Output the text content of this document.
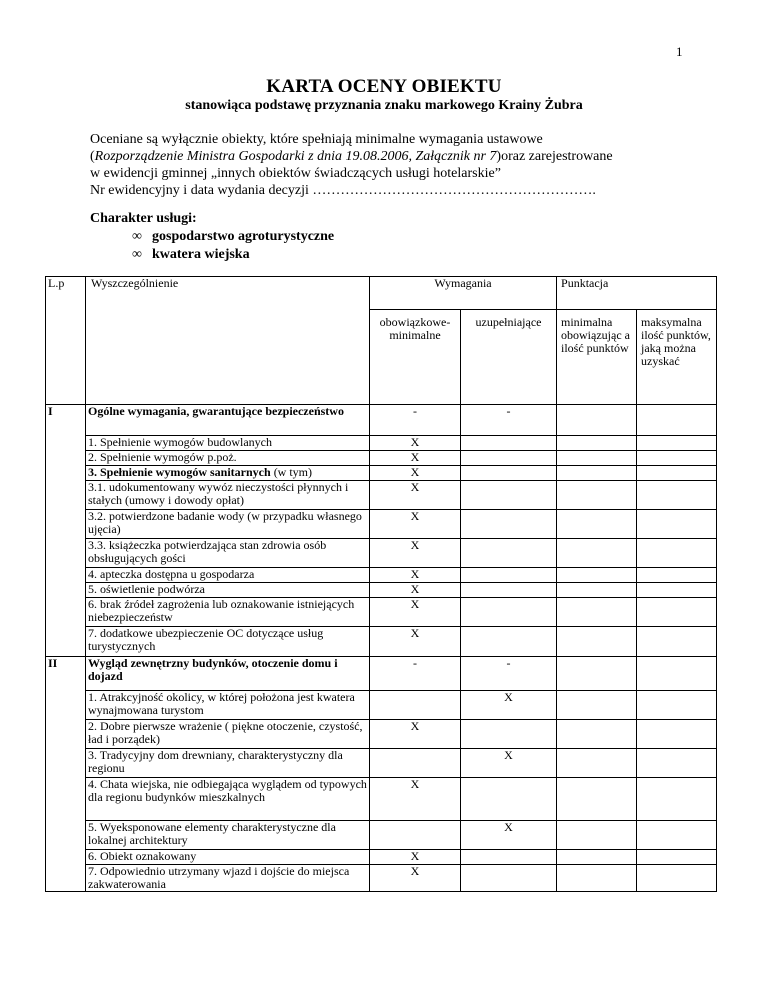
1
KARTA OCENY OBIEKTU
stanowiąca podstawę przyznania znaku markowego Krainy Żubra
Oceniane są wyłącznie obiekty, które spełniają minimalne wymagania ustawowe
(Rozporządzenie Ministra Gospodarki z dnia 19.08.2006, Załącznik nr 7)oraz zarejestrowane
w ewidencji gminnej „innych obiektów świadczących usługi hotelarskie”
Nr ewidencyjny i data wydania decyzji …………………………………………………….
Charakter usługi:
∞ gospodarstwo agroturystyczne
∞ kwatera wiejska
L.p	Wyszczególnienie	Wymagania		Punktacja	
		obowiązkowe-minimalne	uzupełniające	minimalna obowiązując a ilość punktów	maksymalna ilość punktów, jaką można uzyskać
I	Ogólne wymagania, gwarantujące bezpieczeństwo	-	-		
	1. Spełnienie wymogów budowlanych	X			
	2. Spełnienie wymogów p.poż.	X			
	3. Spełnienie wymogów sanitarnych (w tym)	X			
	3.1. udokumentowany wywóz nieczystości płynnych i stałych (umowy i dowody opłat)	X			
	3.2. potwierdzone badanie wody (w przypadku własnego ujęcia)	X			
	3.3. książeczka potwierdzająca stan zdrowia osób obsługujących gości	X			
	4. apteczka dostępna u gospodarza	X			
	5. oświetlenie podwórza	X			
	6. brak źródeł zagrożenia lub oznakowanie istniejących niebezpieczeństw	X			
	7. dodatkowe ubezpieczenie OC dotyczące usług turystycznych	X			
II	Wygląd zewnętrzny budynków, otoczenie domu i dojazd	-	-		
	1. Atrakcyjność okolicy, w której położona jest kwatera wynajmowana turystom		X		
	2. Dobre pierwsze wrażenie ( piękne otoczenie, czystość, ład i porządek)	X			
	3. Tradycyjny dom drewniany, charakterystyczny dla regionu		X		
	4. Chata wiejska, nie odbiegająca wyglądem od typowych dla regionu budynków mieszkalnych	X			
	5. Wyeksponowane elementy charakterystyczne dla lokalnej architektury		X		
	6. Obiekt oznakowany	X			
	7. Odpowiednio utrzymany wjazd i dojście do miejsca zakwaterowania	X			
